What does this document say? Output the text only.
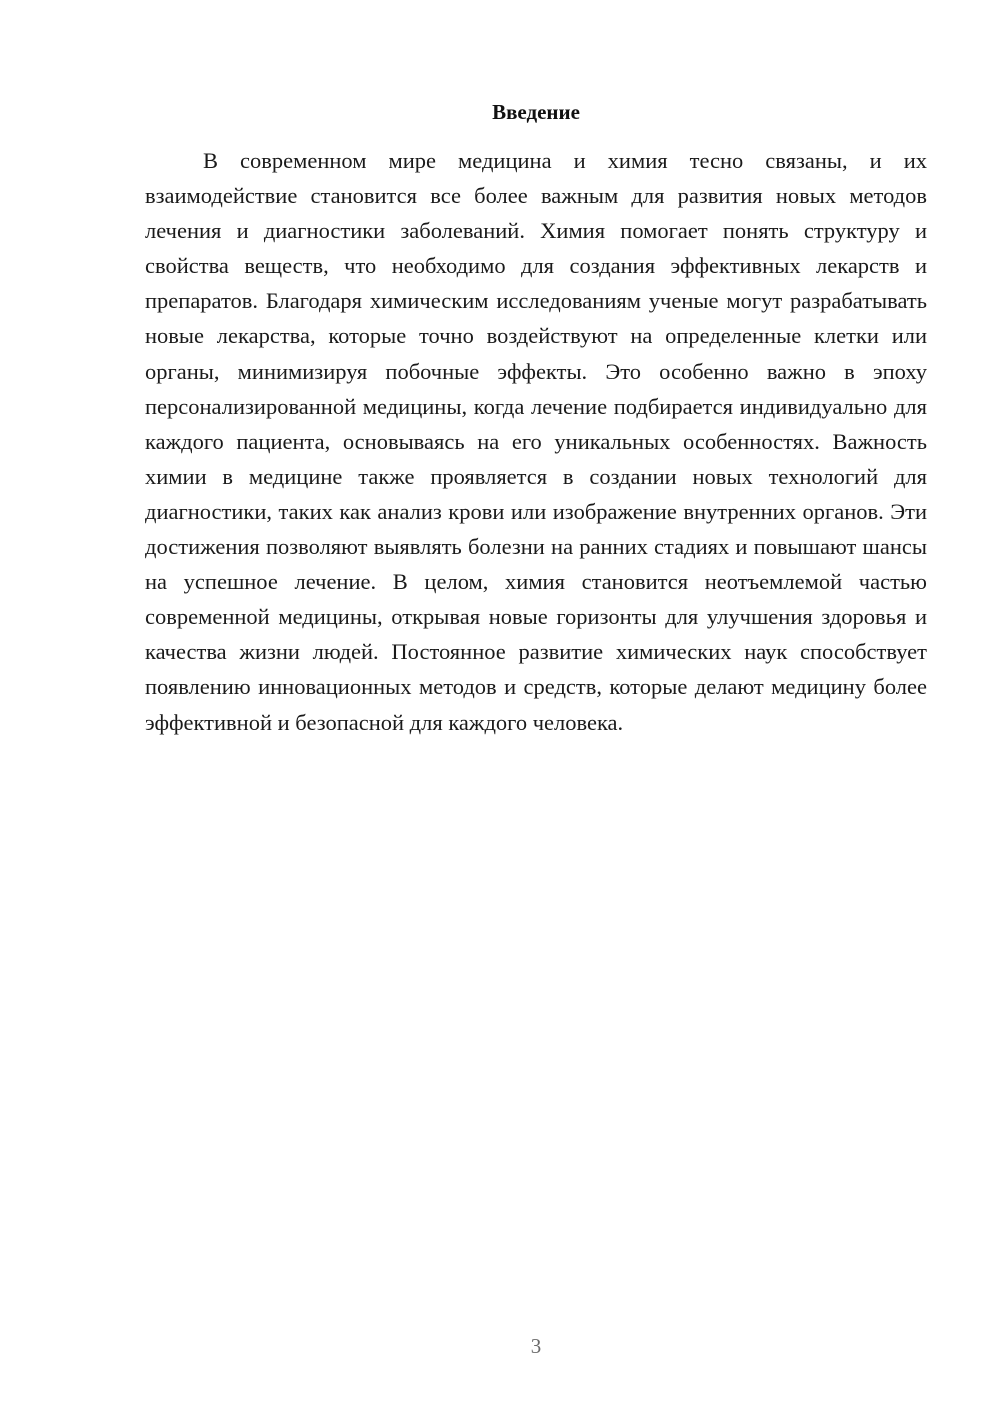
Введение

В современном мире медицина и химия тесно связаны, и их взаимодействие становится все более важным для развития новых методов лечения и диагностики заболеваний. Химия помогает понять структуру и свойства веществ, что необходимо для создания эффективных лекарств и препаратов. Благодаря химическим исследованиям ученые могут разрабатывать новые лекарства, которые точно воздействуют на определенные клетки или органы, минимизируя побочные эффекты. Это особенно важно в эпоху персонализированной медицины, когда лечение подбирается индивидуально для каждого пациента, основываясь на его уникальных особенностях. Важность химии в медицине также проявляется в создании новых технологий для диагностики, таких как анализ крови или изображение внутренних органов. Эти достижения позволяют выявлять болезни на ранних стадиях и повышают шансы на успешное лечение. В целом, химия становится неотъемлемой частью современной медицины, открывая новые горизонты для улучшения здоровья и качества жизни людей. Постоянное развитие химических наук способствует появлению инновационных методов и средств, которые делают медицину более эффективной и безопасной для каждого человека.

3
